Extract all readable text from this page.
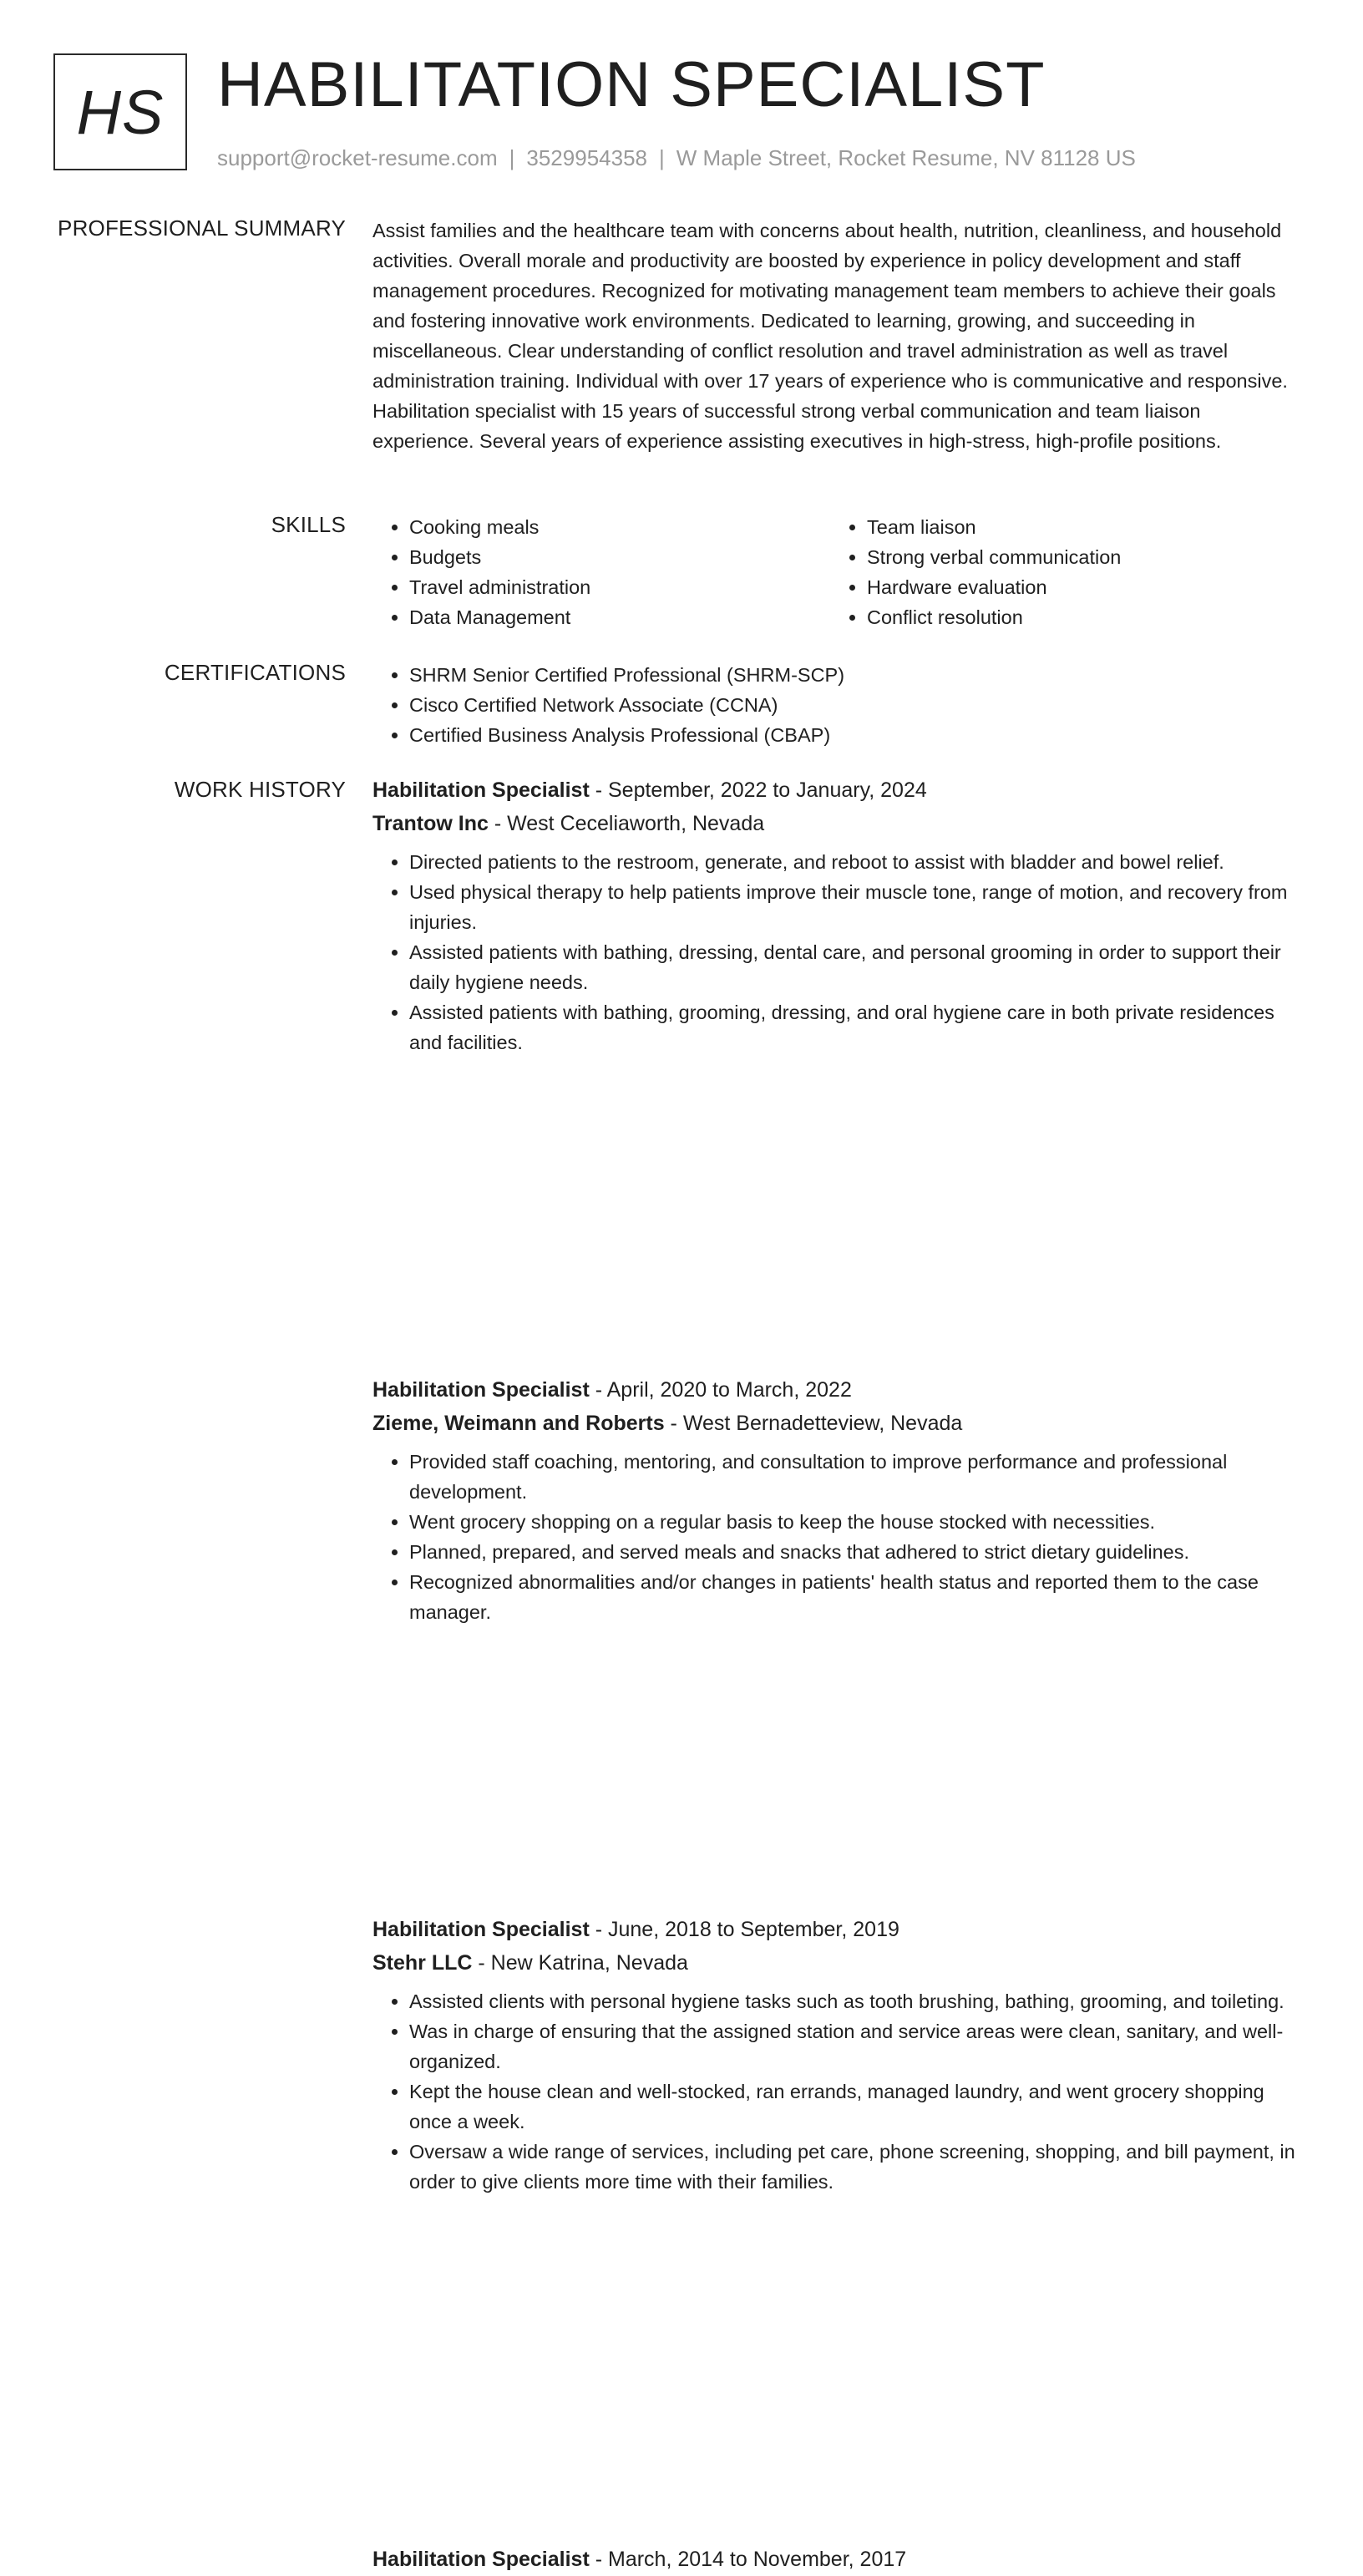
HS HABILITATION SPECIALIST
support@rocket-resume.com | 3529954358 | W Maple Street, Rocket Resume, NV 81128 US
PROFESSIONAL SUMMARY Assist families and the healthcare team with concerns about health, nutrition, cleanliness, and household activities. Overall morale and productivity are boosted by experience in policy development and staff management procedures. Recognized for motivating management team members to achieve their goals and fostering innovative work environments. Dedicated to learning, growing, and succeeding in miscellaneous. Clear understanding of conflict resolution and travel administration as well as travel administration training. Individual with over 17 years of experience who is communicative and responsive. Habilitation specialist with 15 years of successful strong verbal communication and team liaison experience. Several years of experience assisting executives in high-stress, high-profile positions.

SKILLS	• Cooking meals
• Budgets
• Travel administration
• Data Management
• Team liaison
• Strong verbal communication
• Hardware evaluation
• Conflict resolution
CERTIFICATIONS	• SHRM Senior Certified Professional (SHRM-SCP)
• Cisco Certified Network Associate (CCNA)
• Certified Business Analysis Professional (CBAP)
WORK HISTORY Habilitation Specialist - September, 2022 to January, 2024
Trantow Inc - West Ceceliaworth, Nevada
• Directed patients to the restroom, generate, and reboot to assist with bladder and bowel relief.
• Used physical therapy to help patients improve their muscle tone, range of motion, and recovery from injuries.
• Assisted patients with bathing, dressing, dental care, and personal grooming in order to support their daily hygiene needs.
• Assisted patients with bathing, grooming, dressing, and oral hygiene care in both private residences and facilities.
Habilitation Specialist - April, 2020 to March, 2022
Zieme, Weimann and Roberts - West Bernadetteview, Nevada
• Provided staff coaching, mentoring, and consultation to improve performance and professional development.
• Went grocery shopping on a regular basis to keep the house stocked with necessities.
• Planned, prepared, and served meals and snacks that adhered to strict dietary guidelines.
• Recognized abnormalities and/or changes in patients' health status and reported them to the case manager.
Habilitation Specialist - June, 2018 to September, 2019
Stehr LLC - New Katrina, Nevada
• Assisted clients with personal hygiene tasks such as tooth brushing, bathing, grooming, and toileting.
• Was in charge of ensuring that the assigned station and service areas were clean, sanitary, and well-organized.
• Kept the house clean and well-stocked, ran errands, managed laundry, and went grocery shopping once a week.
• Oversaw a wide range of services, including pet care, phone screening, shopping, and bill payment, in order to give clients more time with their families.
Habilitation Specialist - March, 2014 to November, 2017
